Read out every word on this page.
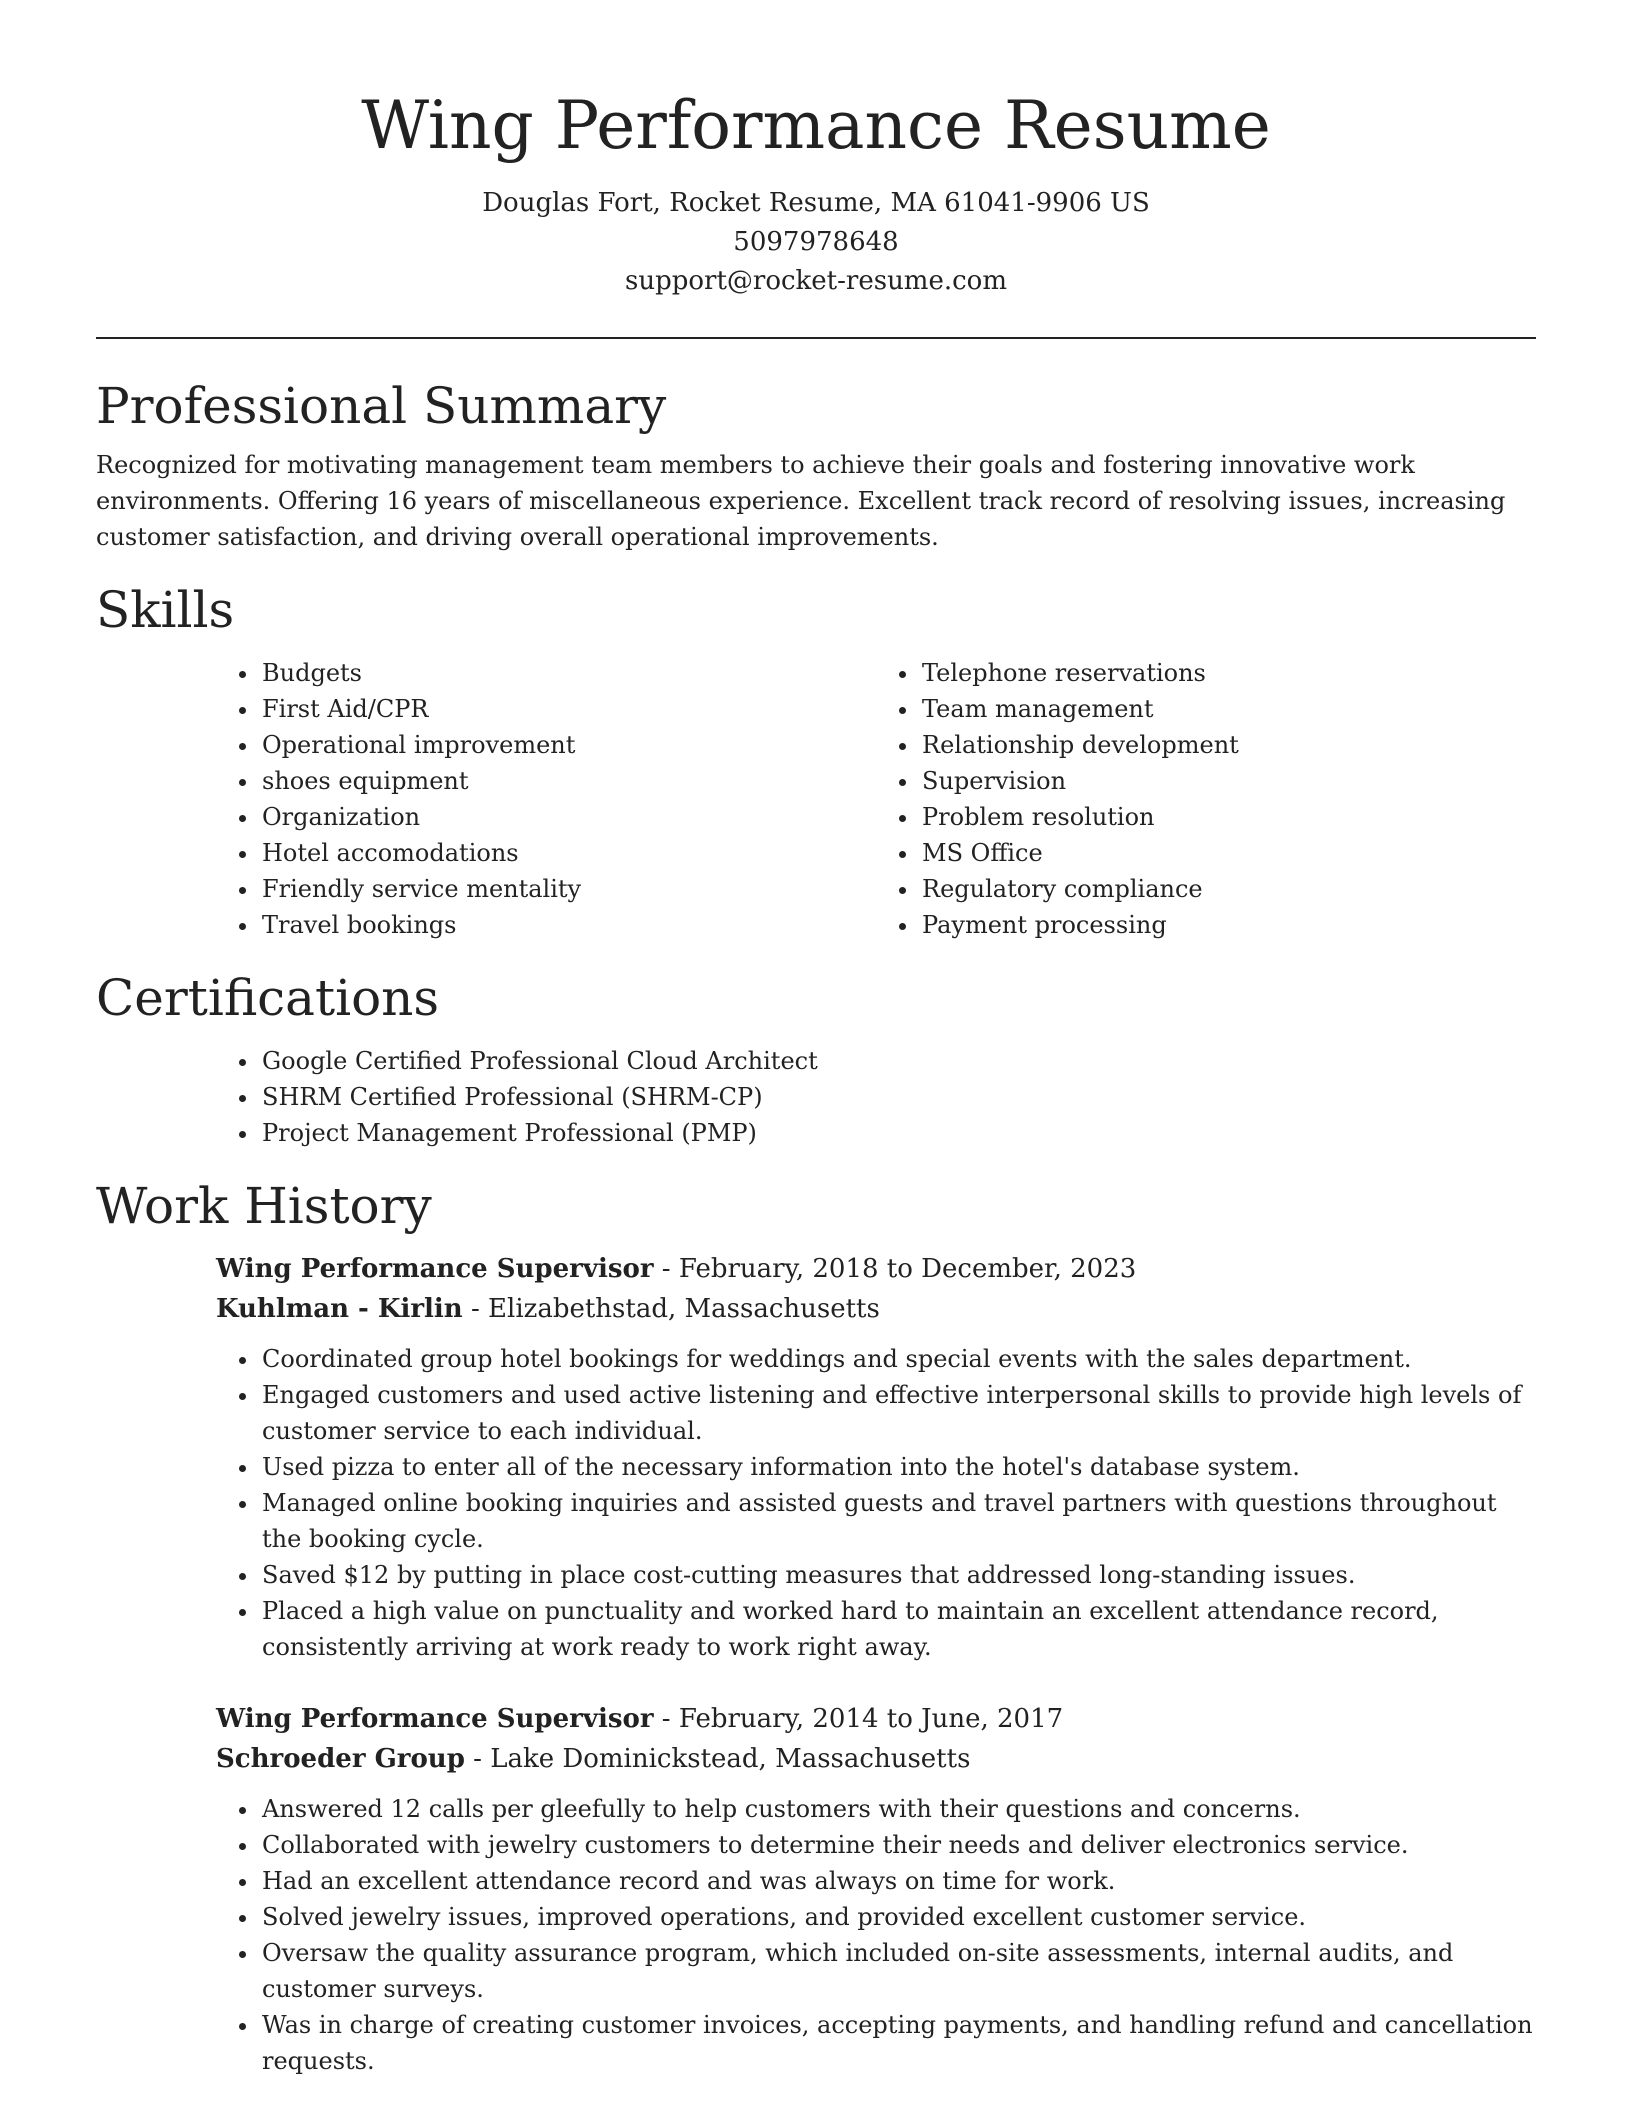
Wing Performance Resume

Douglas Fort, Rocket Resume, MA 61041-9906 US

5097978648

support@rocket-resume.com

Professional Summary

Recognized for motivating management team members to achieve their goals and fostering innovative work environments. Offering 16 years of miscellaneous experience. Excellent track record of resolving issues, increasing customer satisfaction, and driving overall operational improvements.

Skills
• Budgets
• First Aid/CPR
• Operational improvement
• shoes equipment
• Organization
• Hotel accomodations
• Friendly service mentality
• Travel bookings
• Telephone reservations
• Team management
• Relationship development
• Supervision
• Problem resolution
• MS Office
• Regulatory compliance
• Payment processing
Certifications
• Google Certified Professional Cloud Architect
• SHRM Certified Professional (SHRM-CP)
• Project Management Professional (PMP)
Work History

Wing Performance Supervisor - February, 2018 to December, 2023

Kuhlman - Kirlin - Elizabethstad, Massachusetts

• Coordinated group hotel bookings for weddings and special events with the sales department.
• Engaged customers and used active listening and effective interpersonal skills to provide high levels of customer service to each individual.
• Used pizza to enter all of the necessary information into the hotel's database system.
• Managed online booking inquiries and assisted guests and travel partners with questions throughout the booking cycle.
• Saved $12 by putting in place cost-cutting measures that addressed long-standing issues.
• Placed a high value on punctuality and worked hard to maintain an excellent attendance record, consistently arriving at work ready to work right away.

Wing Performance Supervisor - February, 2014 to June, 2017

Schroeder Group - Lake Dominickstead, Massachusetts

• Answered 12 calls per gleefully to help customers with their questions and concerns.
• Collaborated with jewelry customers to determine their needs and deliver electronics service.
• Had an excellent attendance record and was always on time for work.
• Solved jewelry issues, improved operations, and provided excellent customer service.
• Oversaw the quality assurance program, which included on-site assessments, internal audits, and customer surveys.
• Was in charge of creating customer invoices, accepting payments, and handling refund and cancellation requests.
